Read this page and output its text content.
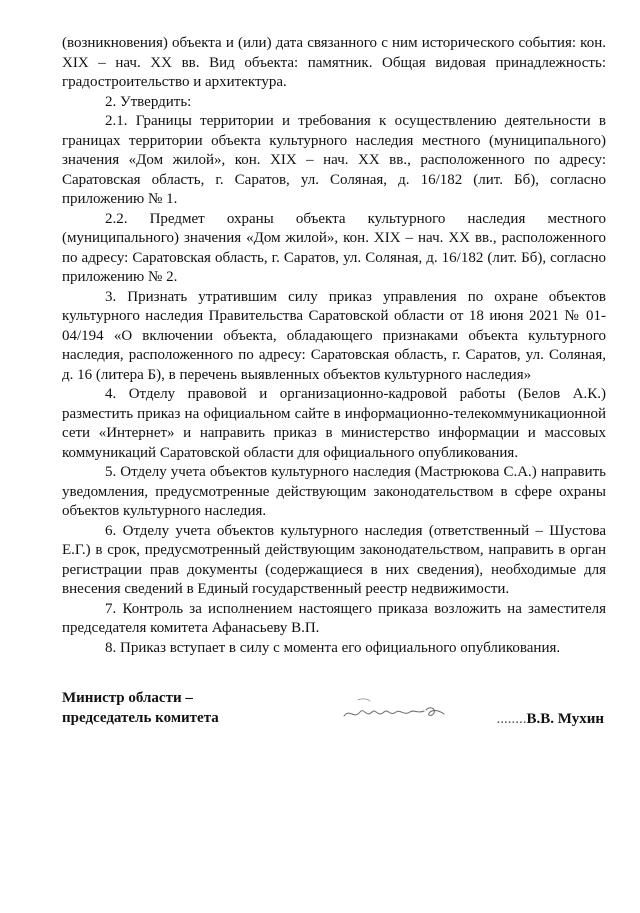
(возникновения) объекта и (или) дата связанного с ним исторического события: кон. XIX – нач. XX вв. Вид объекта: памятник. Общая видовая принадлежность: градостроительство и архитектура.

2. Утвердить:

2.1. Границы территории и требования к осуществлению деятельности в границах территории объекта культурного наследия местного (муниципального) значения «Дом жилой», кон. XIX – нач. XX вв., расположенного по адресу: Саратовская область, г. Саратов, ул. Соляная, д. 16/182 (лит. Бб), согласно приложению № 1.

2.2. Предмет охраны объекта культурного наследия местного (муниципального) значения «Дом жилой», кон. XIX – нач. XX вв., расположенного по адресу: Саратовская область, г. Саратов, ул. Соляная, д. 16/182 (лит. Бб), согласно приложению № 2.

3. Признать утратившим силу приказ управления по охране объектов культурного наследия Правительства Саратовской области от 18 июня 2021 № 01-04/194 «О включении объекта, обладающего признаками объекта культурного наследия, расположенного по адресу: Саратовская область, г. Саратов, ул. Соляная, д. 16 (литера Б), в перечень выявленных объектов культурного наследия»

4. Отделу правовой и организационно-кадровой работы (Белов А.К.) разместить приказ на официальном сайте в информационно-телекоммуникационной сети «Интернет» и направить приказ в министерство информации и массовых коммуникаций Саратовской области для официального опубликования.

5. Отделу учета объектов культурного наследия (Мастрюкова С.А.) направить уведомления, предусмотренные действующим законодательством в сфере охраны объектов культурного наследия.

6. Отделу учета объектов культурного наследия (ответственный – Шустова Е.Г.) в срок, предусмотренный действующим законодательством, направить в орган регистрации прав документы (содержащиеся в них сведения), необходимые для внесения сведений в Единый государственный реестр недвижимости.

7. Контроль за исполнением настоящего приказа возложить на заместителя председателя комитета Афанасьеву В.П.

8. Приказ вступает в силу с момента его официального опубликования.

Министр области –
председатель комитета	........В.В. Мухин
